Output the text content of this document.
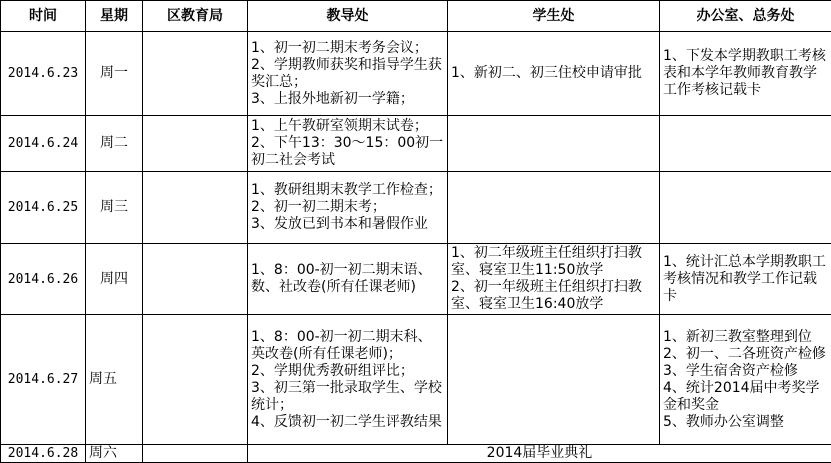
时间	星期	区教育局	教导处	学生处	办公室、总务处
2014.6.23	周一		1、初一初二期末考务会议；
2、学期教师获奖和指导学生获奖汇总；
3、上报外地新初一学籍；	1、新初二、初三住校申请审批	1、下发本学期教职工考核表和本学年教师教育教学工作考核记载卡

2014.6.24	周二		1、上午教研室领期末试卷；
2、下午13：30～15：00初一初二社会考试		

2014.6.25	周三		1、教研组期末教学工作检查；
2、初一初二期末考；
3、发放已到书本和暑假作业		

2014.6.26	周四		1、8：00-初一初二期末语、数、社改卷(所有任课老师)	1、初二年级班主任组织打扫教室、寝室卫生11:50放学
2、初一年级班主任组织打扫教室、寝室卫生16:40放学	1、统计汇总本学期教职工考核情况和教学工作记载卡

2014.6.27	周五		1、8：00-初一初二期末科、英改卷(所有任课老师)；
2、学期优秀教研组评比；
3、初三第一批录取学生、学校统计；
4、反馈初一初二学生评教结果		1、新初三教室整理到位
2、初一、二各班资产检修
3、学生宿舍资产检修
4、统计2014届中考奖学金和奖金
5、教师办公室调整

2014.6.28	周六		2014届毕业典礼		
